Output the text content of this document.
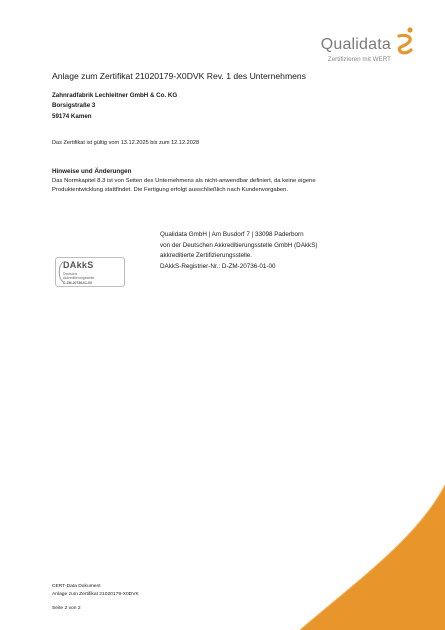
Qualidata
Zertifizieren mit WERT
Anlage zum Zertifikat 21020179-X0DVK Rev. 1 des Unternehmens
Zahnradfabrik Lechleitner GmbH & Co. KG
Borsigstraße 3
59174 Kamen
Das Zertifikat ist gültig vom 13.12.2025 bis zum 12.12.2028
Hinweise und Änderungen
Das Normkapitel 8.3 ist von Seiten des Unternehmens als nicht-anwendbar definiert, da keine eigene
Produktentwicklung stattfindet. Die Fertigung erfolgt ausschließlich nach Kundenvorgaben.
DAkkS
Deutsche
Akkreditierungsstelle
D-ZM-20736-01-00
Qualidata GmbH | Am Busdorf 7 | 33098 Paderborn
von der Deutschen Akkreditierungsstelle GmbH (DAkkS)
akkreditierte Zertifizierungsstelle.
DAkkS-Registrier-Nr.: D-ZM-20736-01-00
CERT-Data Dokument
Anlage zum Zertifikat 21020179-X0DVK
Seite 2 von 2
